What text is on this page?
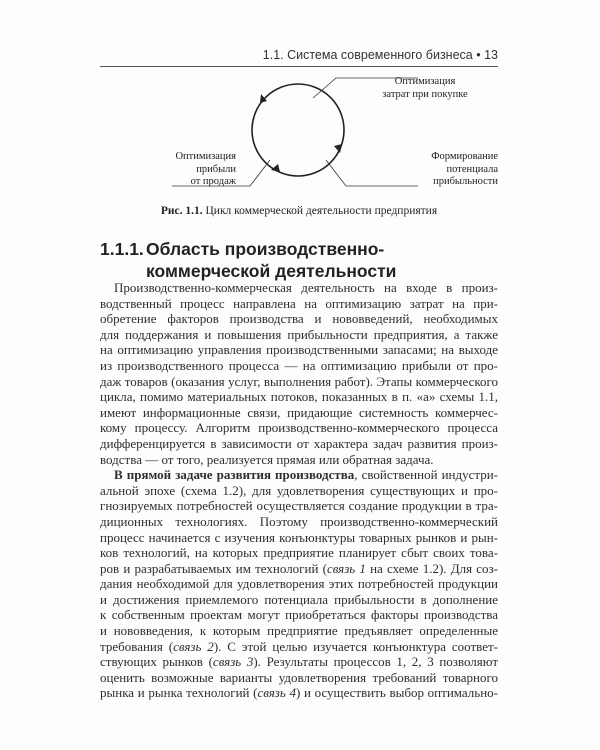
1.1. Система современного бизнеса • 13
Оптимизация
затрат при покупке
Оптимизация
прибыли
от продаж
Формирование
потенциала
прибыльности
Рис. 1.1. Цикл коммерческой деятельности предприятия
1.1.1. Область производственно-
коммерческой деятельности
Производственно-коммерческая деятельность на входе в произ-
водственный процесс направлена на оптимизацию затрат на при-
обретение факторов производства и нововведений, необходимых
для поддержания и повышения прибыльности предприятия, а также
на оптимизацию управления производственными запасами; на выходе
из производственного процесса — на оптимизацию прибыли от про-
даж товаров (оказания услуг, выполнения работ). Этапы коммерческого
цикла, помимо материальных потоков, показанных в п. «а» схемы 1.1,
имеют информационные связи, придающие системность коммерчес-
кому процессу. Алгоритм производственно-коммерческого процесса
дифференцируется в зависимости от характера задач развития произ-
водства — от того, реализуется прямая или обратная задача.
В прямой задаче развития производства, свойственной индустри-
альной эпохе (схема 1.2), для удовлетворения существующих и про-
гнозируемых потребностей осуществляется создание продукции в тра-
диционных технологиях. Поэтому производственно-коммерческий
процесс начинается с изучения конъюнктуры товарных рынков и рын-
ков технологий, на которых предприятие планирует сбыт своих това-
ров и разрабатываемых им технологий (связь 1 на схеме 1.2). Для соз-
дания необходимой для удовлетворения этих потребностей продукции
и достижения приемлемого потенциала прибыльности в дополнение
к собственным проектам могут приобретаться факторы производства
и нововведения, к которым предприятие предъявляет определенные
требования (связь 2). С этой целью изучается конъюнктура соответ-
ствующих рынков (связь 3). Результаты процессов 1, 2, 3 позволяют
оценить возможные варианты удовлетворения требований товарного
рынка и рынка технологий (связь 4) и осуществить выбор оптимально-
